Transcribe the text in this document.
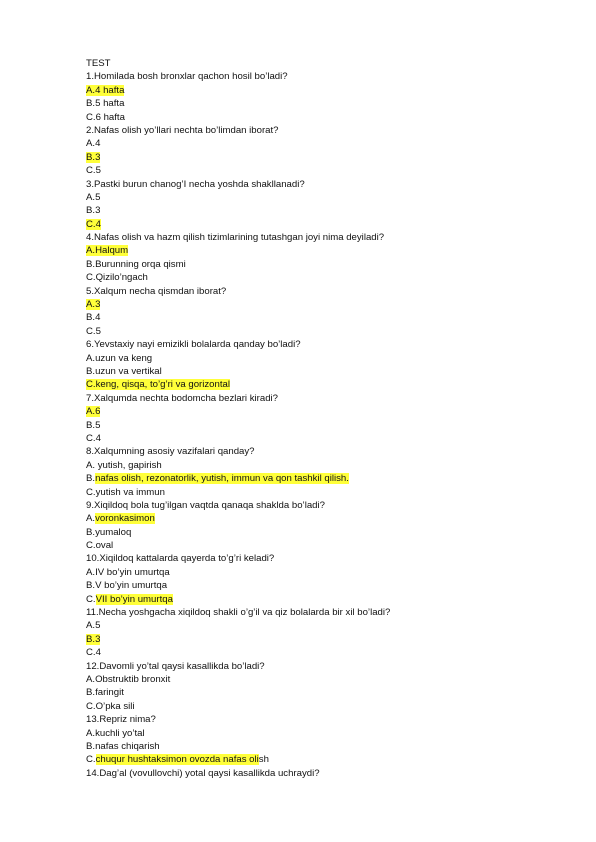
TEST
1.Homilada bosh bronxlar qachon hosil bo’ladi?
A.4 hafta
B.5 hafta
C.6 hafta
2.Nafas olish yo’llari nechta bo’limdan iborat?
A.4
B.3
C.5
3.Pastki burun chanog’I necha yoshda shakllanadi?
A.5
B.3
C.4
4.Nafas olish va hazm qilish tizimlarining tutashgan joyi nima deyiladi?
A.Halqum
B.Burunning orqa qismi
C.Qizilo’ngach
5.Xalqum necha qismdan iborat?
A.3
B.4
C.5
6.Yevstaxiy nayi emizikli bolalarda qanday bo’ladi?
A.uzun va keng
B.uzun va vertikal
C.keng, qisqa, to’g’ri va gorizontal
7.Xalqumda nechta bodomcha bezlari kiradi?
A.6
B.5
C.4
8.Xalqumning asosiy vazifalari qanday?
A. yutish, gapirish
B.nafas olish, rezonatorlik, yutish, immun va qon tashkil qilish.
C.yutish va immun
9.Xiqildoq bola tug’ilgan vaqtda qanaqa shaklda bo’ladi?
A.voronkasimon
B.yumaloq
C.oval
10.Xiqildoq kattalarda qayerda to’g’ri keladi?
A.IV bo’yin umurtqa
B.V bo’yin umurtqa
C.VII bo’yin umurtqa
11.Necha yoshgacha xiqildoq shakli o’g’il va qiz bolalarda bir xil bo’ladi?
A.5
B.3
C.4
12.Davomli yo’tal qaysi kasallikda bo’ladi?
A.Obstruktib bronxit
B.faringit
C.O’pka sili
13.Repriz nima?
A.kuchli yo’tal
B.nafas chiqarish
C.chuqur hushtaksimon ovozda nafas olish
14.Dag’al (vovullovchi) yotal qaysi kasallikda uchraydi?
